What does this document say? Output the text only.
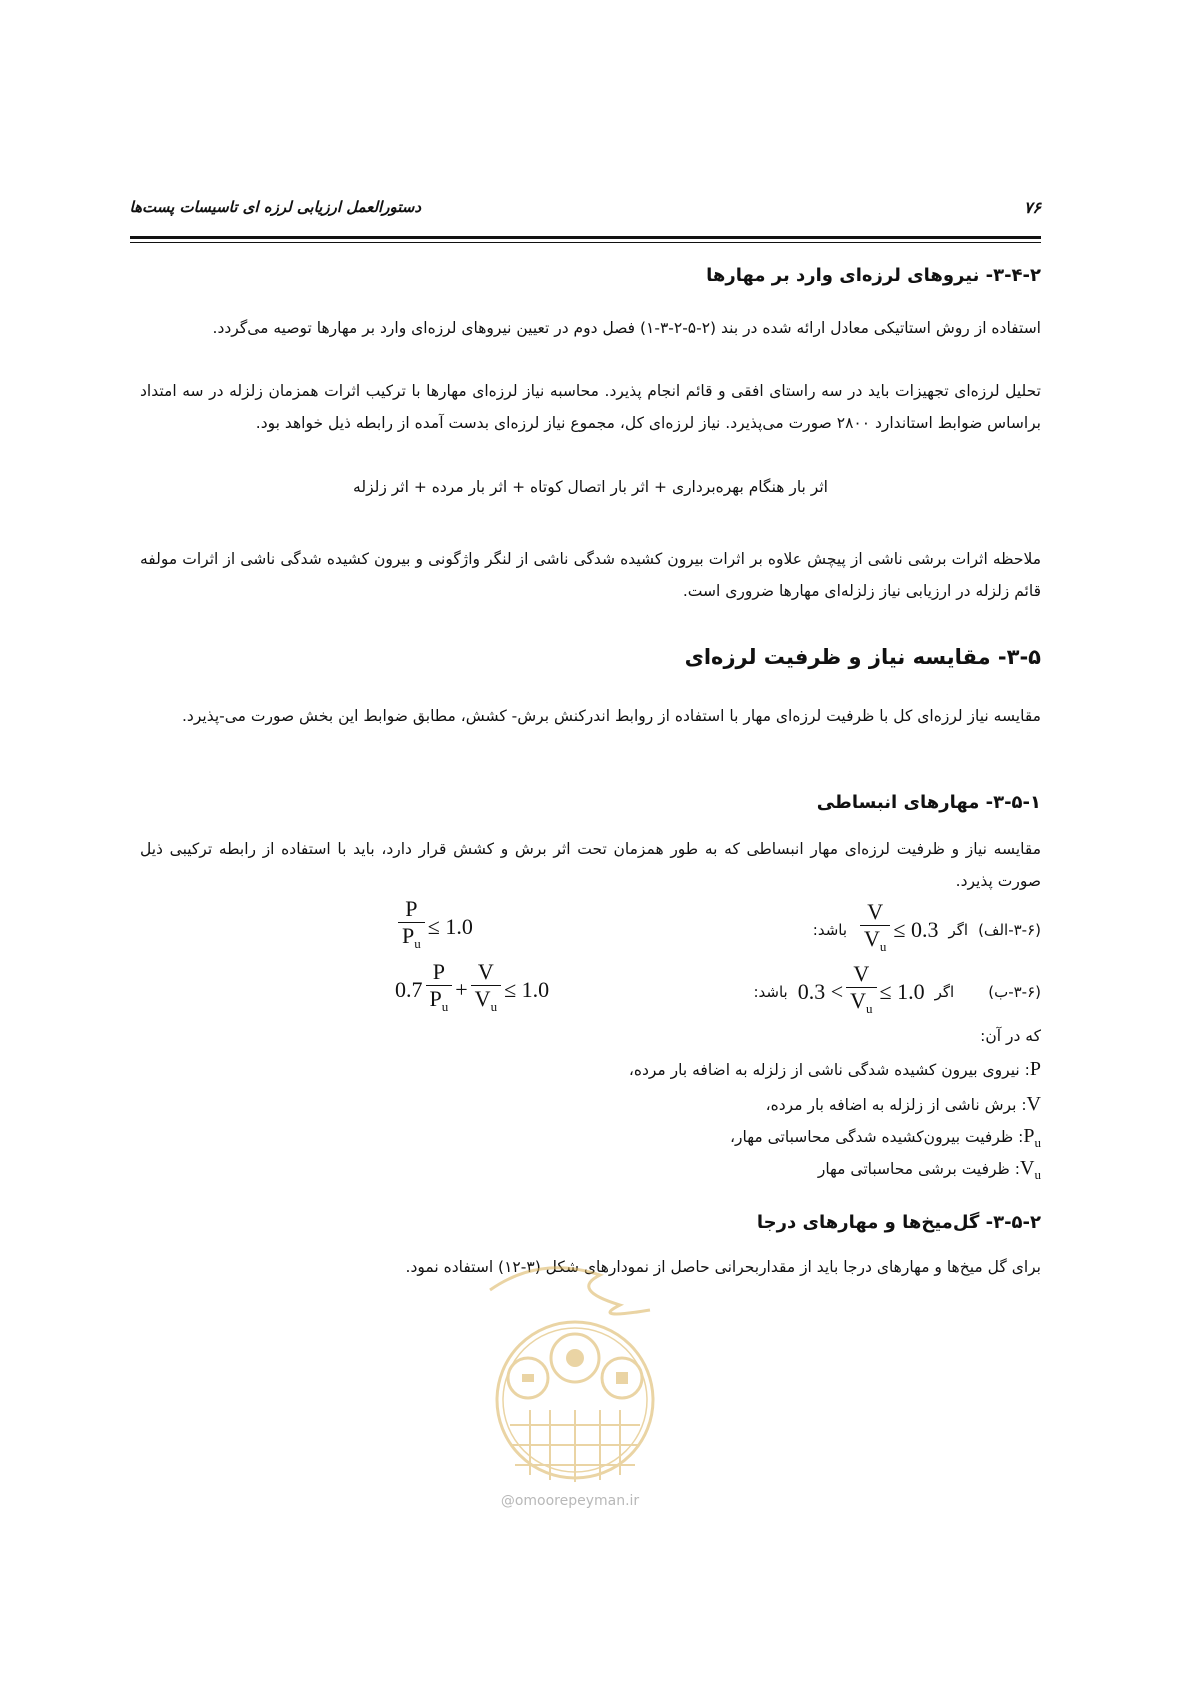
دستورالعمل ارزیابی لرزه ای تاسیسات پست‌ها	۷۶
۳-۴-۲- نیروهای لرزه‌ای وارد بر مهارها
استفاده از روش استاتیکی معادل ارائه شده در بند (۲-۵-۲-۳-۱) فصل دوم در تعیین نیروهای لرزه‌ای وارد بر مهارها توصیه می‌گردد.
تحلیل لرزه‌ای تجهیزات باید در سه راستای افقی و قائم انجام پذیرد. محاسبه نیاز لرزه‌ای مهارها با ترکیب اثرات همزمان زلزله در سه امتداد براساس ضوابط استاندارد ۲۸۰۰ صورت می‌پذیرد. نیاز لرزه‌ای کل، مجموع نیاز لرزه‌ای بدست آمده از رابطه ذیل خواهد بود.
اثر بار هنگام بهره‌برداری + اثر بار اتصال کوتاه + اثر بار مرده + اثر زلزله
ملاحظه اثرات برشی ناشی از پیچش علاوه بر اثرات بیرون کشیده شدگی ناشی از لنگر واژگونی و بیرون کشیده شدگی ناشی از اثرات مولفه قائم زلزله در ارزیابی نیاز زلزله‌ای مهارها ضروری است.
۳-۵- مقایسه نیاز و ظرفیت لرزه‌ای
مقایسه نیاز لرزه‌ای کل با ظرفیت لرزه‌ای مهار با استفاده از روابط اندرکنش برش- کشش، مطابق ضوابط این بخش صورت می-پذیرد.
۳-۵-۱- مهارهای انبساطی
مقایسه نیاز و ظرفیت لرزه‌ای مهار انبساطی که به طور همزمان تحت اثر برش و کشش قرار دارد، باید با استفاده از رابطه ترکیبی ذیل صورت پذیرد.
(۳-۶-الف)
اگر
$\frac{V}{V_u} \le 0.3$
باشد:
$\frac{P}{P_u} \le 1.0$
(۳-۶-ب)
اگر
$0.3 < \frac{V}{V_u} \le 1.0$
باشد:
$0.7 \frac{P}{P_u} + \frac{V}{V_u} \le 1.0$
که در آن:
P: نیروی بیرون کشیده شدگی ناشی از زلزله به اضافه بار مرده،
V: برش ناشی از زلزله به اضافه بار مرده،
$P_u$: ظرفیت بیرون‌کشیده شدگی محاسباتی مهار،
$V_u$: ظرفیت برشی محاسباتی مهار
۳-۵-۲- گل‌میخ‌ها و مهارهای درجا
برای گل میخ‌ها و مهارهای درجا باید از مقداربحرانی حاصل از نمودارهای شکل (۳-۱۲) استفاده نمود.
@omoorepeyman.ir
